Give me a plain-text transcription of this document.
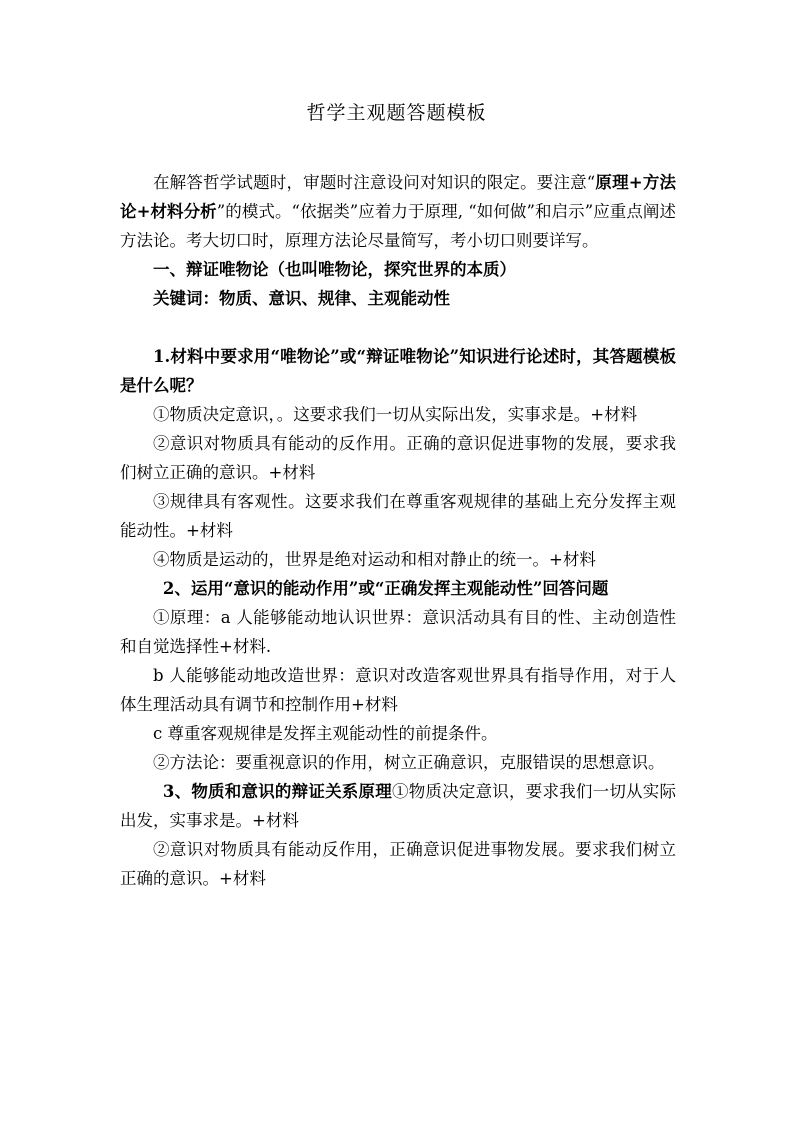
哲学主观题答题模板

在解答哲学试题时，审题时注意设问对知识的限定。要注意“原理+方法论+材料分析”的模式。“依据类”应着力于原理, “如何做”和启示”应重点阐述方法论。考大切口时，原理方法论尽量简写，考小切口则要详写。

一、辩证唯物论（也叫唯物论，探究世界的本质）

关键词：物质、意识、规律、主观能动性

1.材料中要求用“唯物论”或“辩证唯物论”知识进行论述时，其答题模板是什么呢？

①物质决定意识，。这要求我们一切从实际出发，实事求是。+材料

②意识对物质具有能动的反作用。正确的意识促进事物的发展，要求我们树立正确的意识。+材料

③规律具有客观性。这要求我们在尊重客观规律的基础上充分发挥主观能动性。+材料

④物质是运动的，世界是绝对运动和相对静止的统一。+材料

2、运用“意识的能动作用”或“正确发挥主观能动性”回答问题

①原理：a 人能够能动地认识世界：意识活动具有目的性、主动创造性和自觉选择性+材料.

b 人能够能动地改造世界：意识对改造客观世界具有指导作用，对于人体生理活动具有调节和控制作用+材料

c 尊重客观规律是发挥主观能动性的前提条件。

②方法论：要重视意识的作用，树立正确意识，克服错误的思想意识。

3、物质和意识的辩证关系原理①物质决定意识，要求我们一切从实际出发，实事求是。+材料

②意识对物质具有能动反作用，正确意识促进事物发展。要求我们树立正确的意识。+材料
